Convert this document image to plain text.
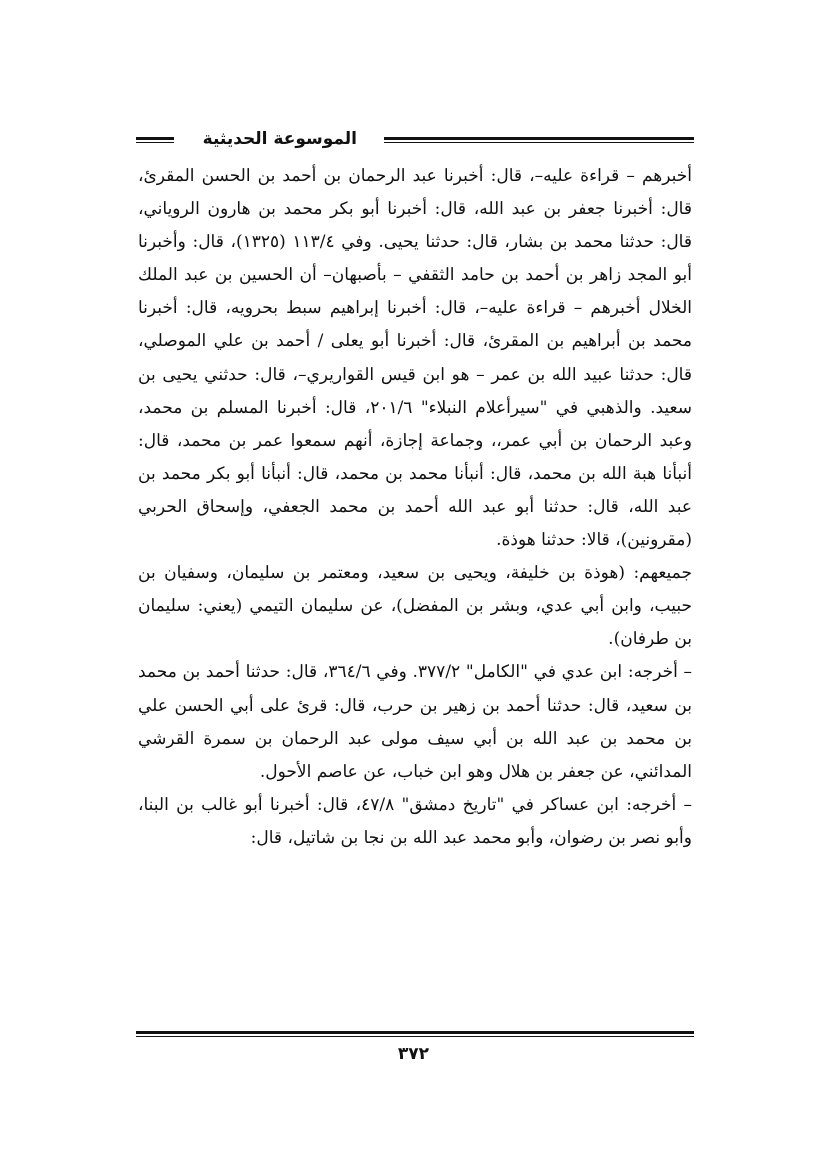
الموسوعة الحديثية

أخبرهم – قراءة عليه–، قال: أخبرنا عبد الرحمان بن أحمد بن الحسن المقرئ، قال: أخبرنا جعفر بن عبد الله، قال: أخبرنا أبو بكر محمد بن هارون الروياني، قال: حدثنا محمد بن بشار، قال: حدثنا يحيى. وفي ١١٣/٤ (١٣٢٥)، قال: وأخبرنا أبو المجد زاهر بن أحمد بن حامد الثقفي – بأصبهان– أن الحسين بن عبد الملك الخلال أخبرهم – قراءة عليه–، قال: أخبرنا إبراهيم سبط بحرويه، قال: أخبرنا محمد بن أبراهيم بن المقرئ، قال: أخبرنا أبو يعلى / أحمد بن علي الموصلي، قال: حدثنا عبيد الله بن عمر – هو ابن قيس القواريري–، قال: حدثني يحيى بن سعيد. والذهبي في "سيرأعلام النبلاء" ٢٠١/٦، قال: أخبرنا المسلم بن محمد، وعبد الرحمان بن أبي عمر،، وجماعة إجازة، أنهم سمعوا عمر بن محمد، قال: أنبأنا هبة الله بن محمد، قال: أنبأنا محمد بن محمد، قال: أنبأنا أبو بكر محمد بن عبد الله، قال: حدثنا أبو عبد الله أحمد بن محمد الجعفي، وإسحاق الحربي (مقرونين)، قالا: حدثنا هوذة.

جميعهم: (هوذة بن خليفة، ويحيى بن سعيد، ومعتمر بن سليمان، وسفيان بن حبيب، وابن أبي عدي، وبشر بن المفضل)، عن سليمان التيمي (يعني: سليمان بن طرفان).

– أخرجه: ابن عدي في "الكامل" ٣٧٧/٢. وفي ٣٦٤/٦، قال: حدثنا أحمد بن محمد بن سعيد، قال: حدثنا أحمد بن زهير بن حرب، قال: قرئ على أبي الحسن علي بن محمد بن عبد الله بن أبي سيف مولى عبد الرحمان بن سمرة القرشي المدائني، عن جعفر بن هلال وهو ابن خباب، عن عاصم الأحول.

– أخرجه: ابن عساكر في "تاريخ دمشق" ٤٧/٨، قال: أخبرنا أبو غالب بن البنا، وأبو نصر بن رضوان، وأبو محمد عبد الله بن نجا بن شاتيل، قال:

٣٧٢
